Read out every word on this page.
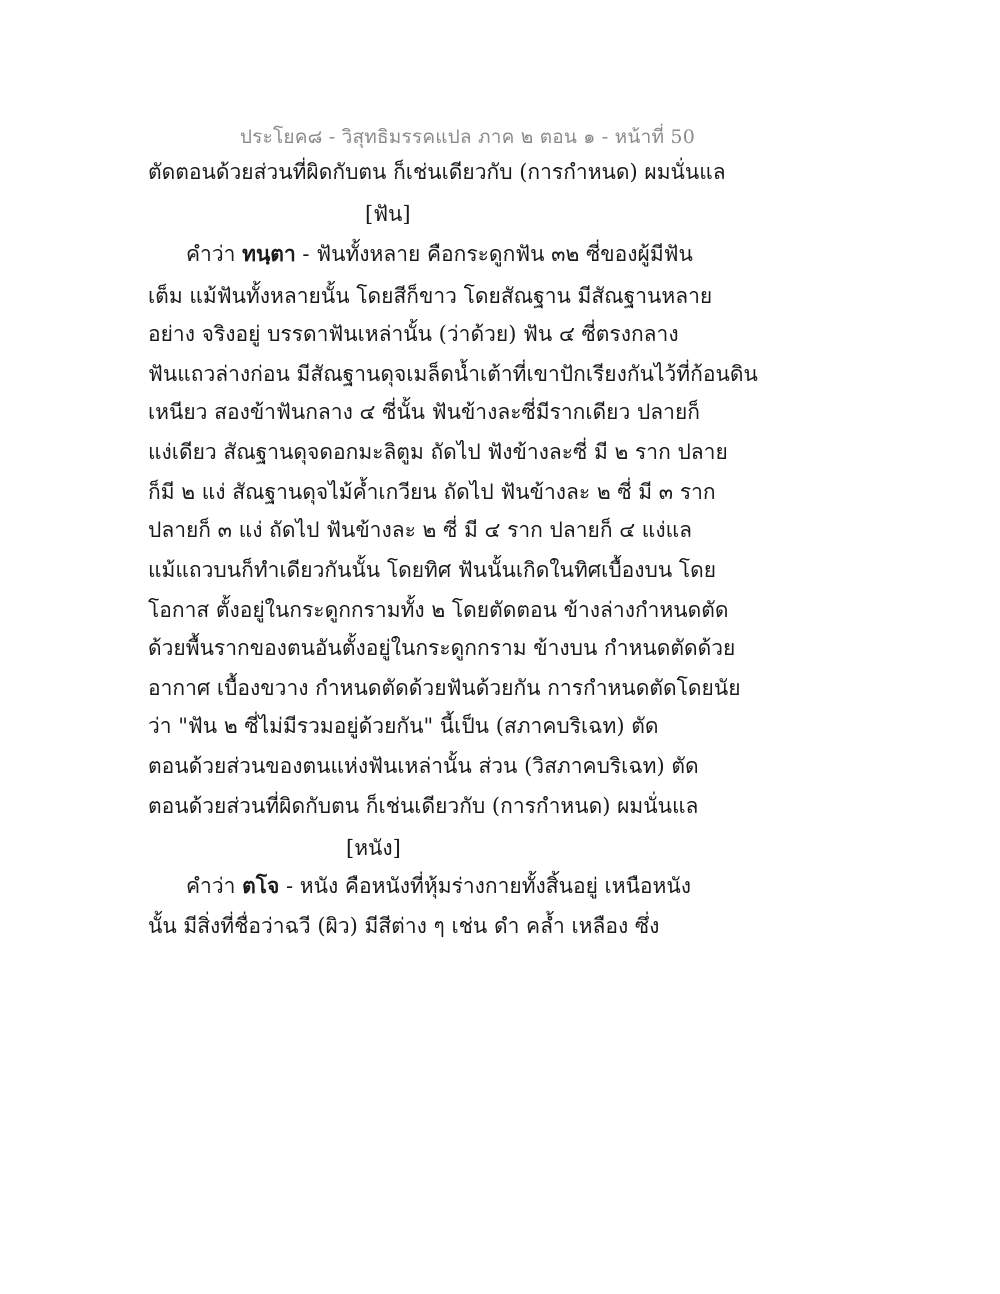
ประโยค๘ - วิสุทธิมรรคแปล ภาค ๒ ตอน ๑ - หน้าที่ 50
ตัดตอนด้วยส่วนที่ผิดกับตน ก็เช่นเดียวกับ (การกำหนด) ผมนั่นแล
[ฟัน]
คำว่า ทนฺตา - ฟันทั้งหลาย คือกระดูกฟัน ๓๒ ซี่ของผู้มีฟัน
เต็ม แม้ฟันทั้งหลายนั้น โดยสีก็ขาว โดยสัณฐาน มีสัณฐานหลาย
อย่าง จริงอยู่ บรรดาฟันเหล่านั้น (ว่าด้วย) ฟัน ๔ ซี่ตรงกลาง
ฟันแถวล่างก่อน มีสัณฐานดุจเมล็ดน้ำเต้าที่เขาปักเรียงกันไว้ที่ก้อนดิน
เหนียว สองข้าฟันกลาง ๔ ซี่นั้น ฟันข้างละซี่มีรากเดียว ปลายก็
แง่เดียว สัณฐานดุจดอกมะลิตูม ถัดไป ฟังข้างละซี่ มี ๒ ราก ปลาย
ก็มี ๒ แง่ สัณฐานดุจไม้ค้ำเกวียน ถัดไป ฟันข้างละ ๒ ซี่ มี ๓ ราก
ปลายก็ ๓ แง่ ถัดไป ฟันข้างละ ๒ ซี่ มี ๔ ราก ปลายก็ ๔ แง่แล
แม้แถวบนก็ทำเดียวกันนั้น โดยทิศ ฟันนั้นเกิดในทิศเบื้องบน โดย
โอกาส ตั้งอยู่ในกระดูกกรามทั้ง ๒ โดยตัดตอน ข้างล่างกำหนดตัด
ด้วยพื้นรากของตนอันตั้งอยู่ในกระดูกกราม ข้างบน กำหนดตัดด้วย
อากาศ เบื้องขวาง กำหนดตัดด้วยฟันด้วยกัน การกำหนดตัดโดยนัย
ว่า "ฟัน ๒ ซี่ไม่มีรวมอยู่ด้วยกัน" นี้เป็น (สภาคบริเฉท) ตัด
ตอนด้วยส่วนของตนแห่งฟันเหล่านั้น ส่วน (วิสภาคบริเฉท) ตัด
ตอนด้วยส่วนที่ผิดกับตน ก็เช่นเดียวกับ (การกำหนด) ผมนั่นแล
[หนัง]
คำว่า ตโจ - หนัง คือหนังที่หุ้มร่างกายทั้งสิ้นอยู่ เหนือหนัง
นั้น มีสิ่งที่ชื่อว่าฉวี (ผิว) มีสีต่าง ๆ เช่น ดำ คล้ำ เหลือง ซึ่ง
